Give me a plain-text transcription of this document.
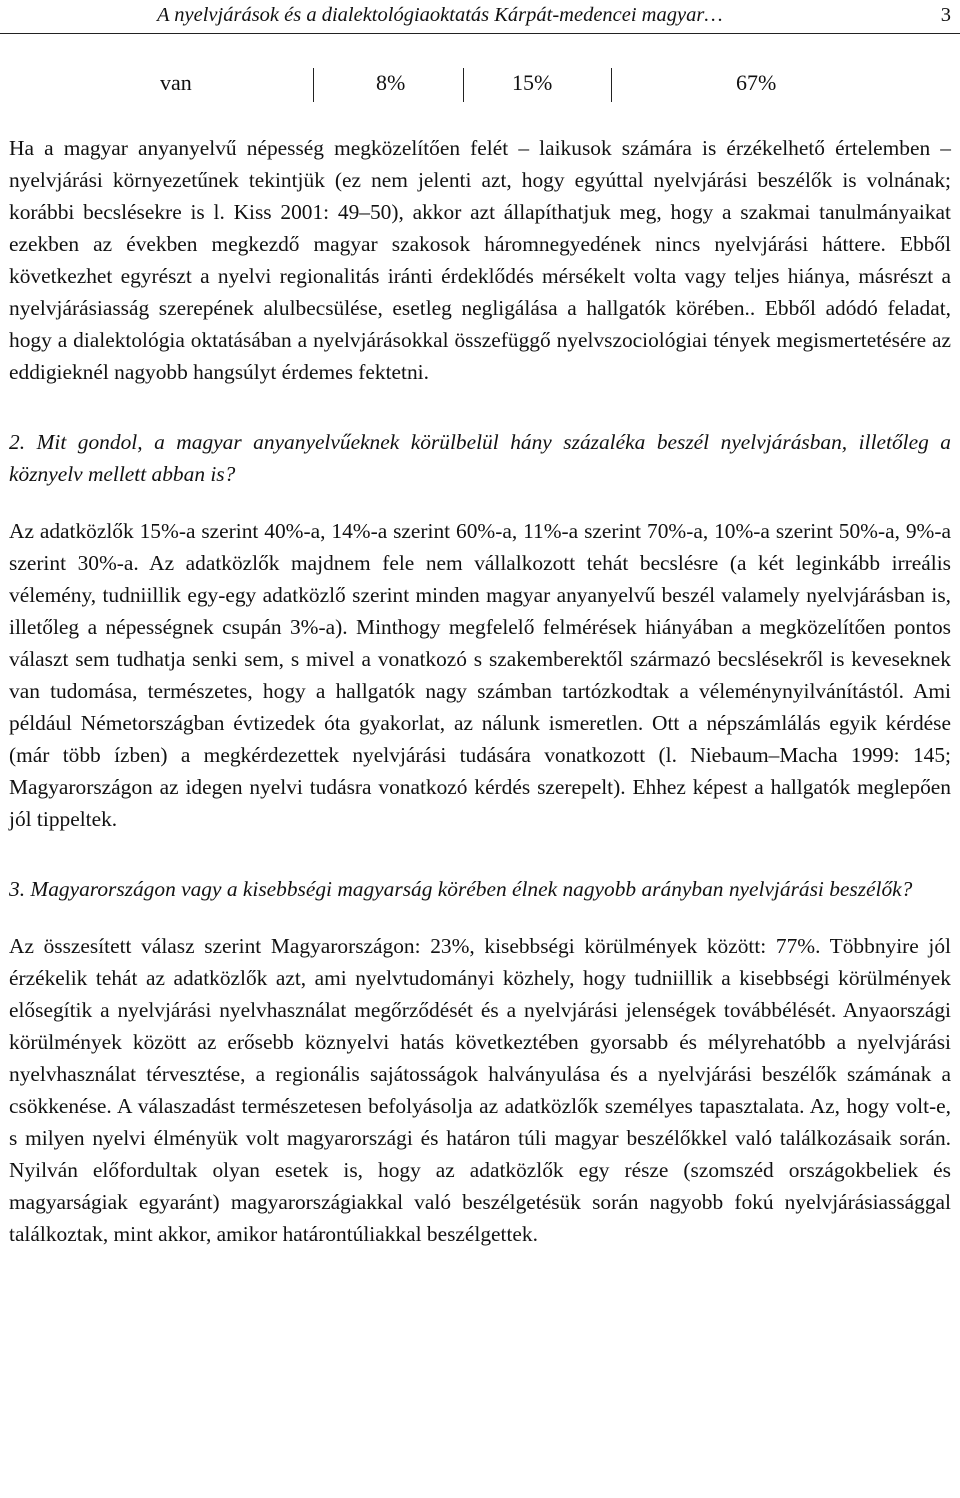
A nyelvjárások és a dialektológiaoktatás Kárpát-medencei magyar…	3
van	8%	15%	67%

Ha a magyar anyanyelvű népesség megközelítően felét – laikusok számára is érzékelhető értelemben – nyelvjárási környezetűnek tekintjük (ez nem jelenti azt, hogy egyúttal nyelvjárási beszélők is volnának; korábbi becslésekre is l. Kiss 2001: 49–50), akkor azt állapíthatjuk meg, hogy a szakmai tanulmányaikat ezekben az években megkezdő magyar szakosok háromnegyedének nincs nyelvjárási háttere. Ebből következhet egyrészt a nyelvi regionalitás iránti érdeklődés mérsékelt volta vagy teljes hiánya, másrészt a nyelvjárásiasság szerepének alulbecsülése, esetleg negligálása a hallgatók körében.. Ebből adódó feladat, hogy a dialektológia oktatásában a nyelvjárásokkal összefüggő nyelvszociológiai tények megismertetésére az eddigieknél nagyobb hangsúlyt érdemes fektetni.

2. Mit gondol, a magyar anyanyelvűeknek körülbelül hány százaléka beszél nyelvjárásban, illetőleg a köznyelv mellett abban is?

Az adatközlők 15%-a szerint 40%-a, 14%-a szerint 60%-a, 11%-a szerint 70%-a, 10%-a szerint 50%-a, 9%-a szerint 30%-a. Az adatközlők majdnem fele nem vállalkozott tehát becslésre (a két leginkább irreális vélemény, tudniillik egy-egy adatközlő szerint minden magyar anyanyelvű beszél valamely nyelvjárásban is, illetőleg a népességnek csupán 3%-a). Minthogy megfelelő felmérések hiányában a megközelítően pontos választ sem tudhatja senki sem, s mivel a vonatkozó s szakemberektől származó becslésekről is keveseknek van tudomása, természetes, hogy a hallgatók nagy számban tartózkodtak a véleménynyilvánítástól. Ami például Németországban évtizedek óta gyakorlat, az nálunk ismeretlen. Ott a népszámlálás egyik kérdése (már több ízben) a megkérdezettek nyelvjárási tudására vonatkozott (l. Niebaum–Macha 1999: 145; Magyarországon az idegen nyelvi tudásra vonatkozó kérdés szerepelt). Ehhez képest a hallgatók meglepően jól tippeltek.

3. Magyarországon vagy a kisebbségi magyarság körében élnek nagyobb arányban nyelvjárási beszélők?

Az összesített válasz szerint Magyarországon: 23%, kisebbségi körülmények között: 77%. Többnyire jól érzékelik tehát az adatközlők azt, ami nyelvtudományi közhely, hogy tudniillik a kisebbségi körülmények elősegítik a nyelvjárási nyelvhasználat megőrződését és a nyelvjárási jelenségek továbbélését. Anyaországi körülmények között az erősebb köznyelvi hatás következtében gyorsabb és mélyrehatóbb a nyelvjárási nyelvhasználat térvesztése, a regionális sajátosságok halványulása és a nyelvjárási beszélők számának a csökkenése. A válaszadást természetesen befolyásolja az adatközlők személyes tapasztalata. Az, hogy volt-e, s milyen nyelvi élményük volt magyarországi és határon túli magyar beszélőkkel való találkozásaik során. Nyilván előfordultak olyan esetek is, hogy az adatközlők egy része (szomszéd országokbeliek és magyarságiak egyaránt) magyarországiakkal való beszélgetésük során nagyobb fokú nyelvjárásiassággal találkoztak, mint akkor, amikor határontúliakkal beszélgettek.
